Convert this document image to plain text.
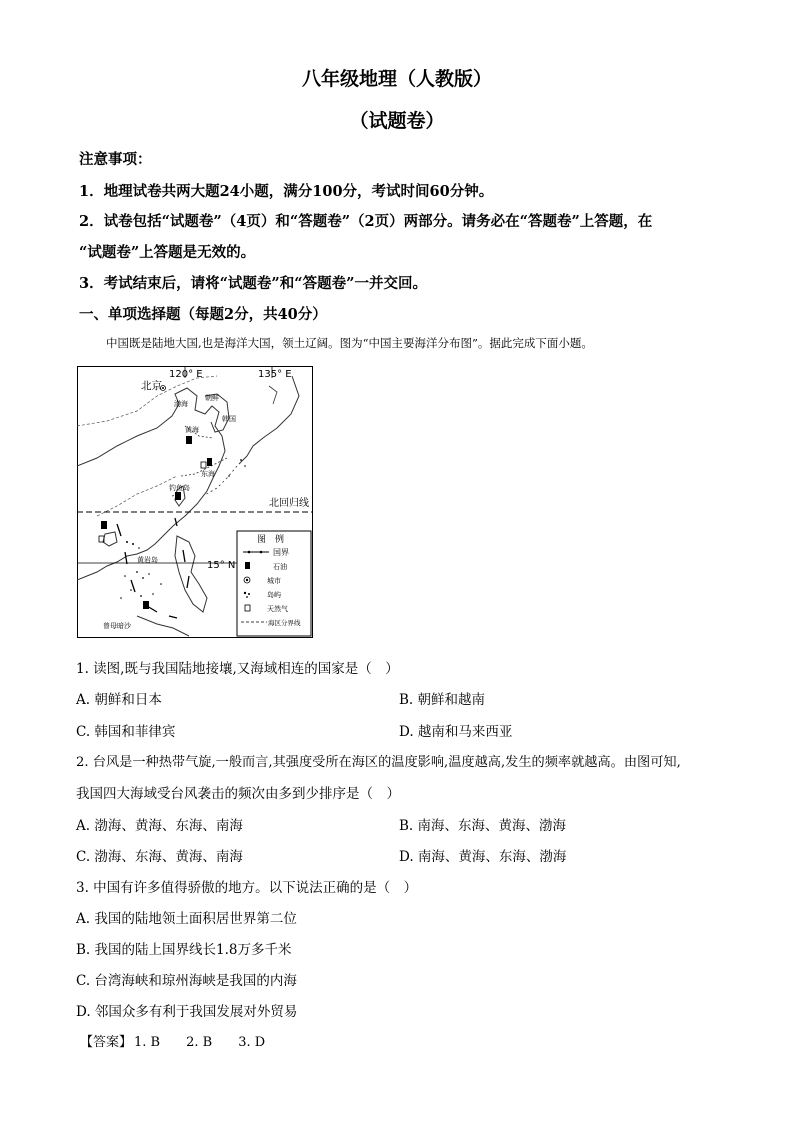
八年级地理（人教版）
（试题卷）
注意事项：
1．地理试卷共两大题24小题，满分100分，考试时间60分钟。
2．试卷包括“试题卷”（4页）和“答题卷”（2页）两部分。请务必在“答题卷”上答题，在
“试题卷”上答题是无效的。
3．考试结束后，请将“试题卷”和“答题卷”一并交回。
一、单项选择题（每题2分，共40分）
中国既是陆地大国,也是海洋大国，领土辽阔。图为“中国主要海洋分布图”。据此完成下面小题。
120° E	135° E
北京
朝鲜
渤海
韩国
黄海
东海
钓鱼岛
北回归线
黄岩岛	15° N
曾母暗沙
图　例
国界
石油
城市
岛屿
天然气
海区分界线
1. 读图,既与我国陆地接壤,又海域相连的国家是（　）
A. 朝鲜和日本	B. 朝鲜和越南
C. 韩国和菲律宾	D. 越南和马来西亚
2. 台风是一种热带气旋,一般而言,其强度受所在海区的温度影响,温度越高,发生的频率就越高。由图可知,
我国四大海域受台风袭击的频次由多到少排序是（　）
A. 渤海、黄海、东海、南海	B. 南海、东海、黄海、渤海
C. 渤海、东海、黄海、南海	D. 南海、黄海、东海、渤海
3. 中国有许多值得骄傲的地方。以下说法正确的是（　）
A. 我国的陆地领土面积居世界第二位
B. 我国的陆上国界线长1.8万多千米
C. 台湾海峡和琼州海峡是我国的内海
D. 邻国众多有利于我国发展对外贸易
【答案】 1. B 2. B 3. D
